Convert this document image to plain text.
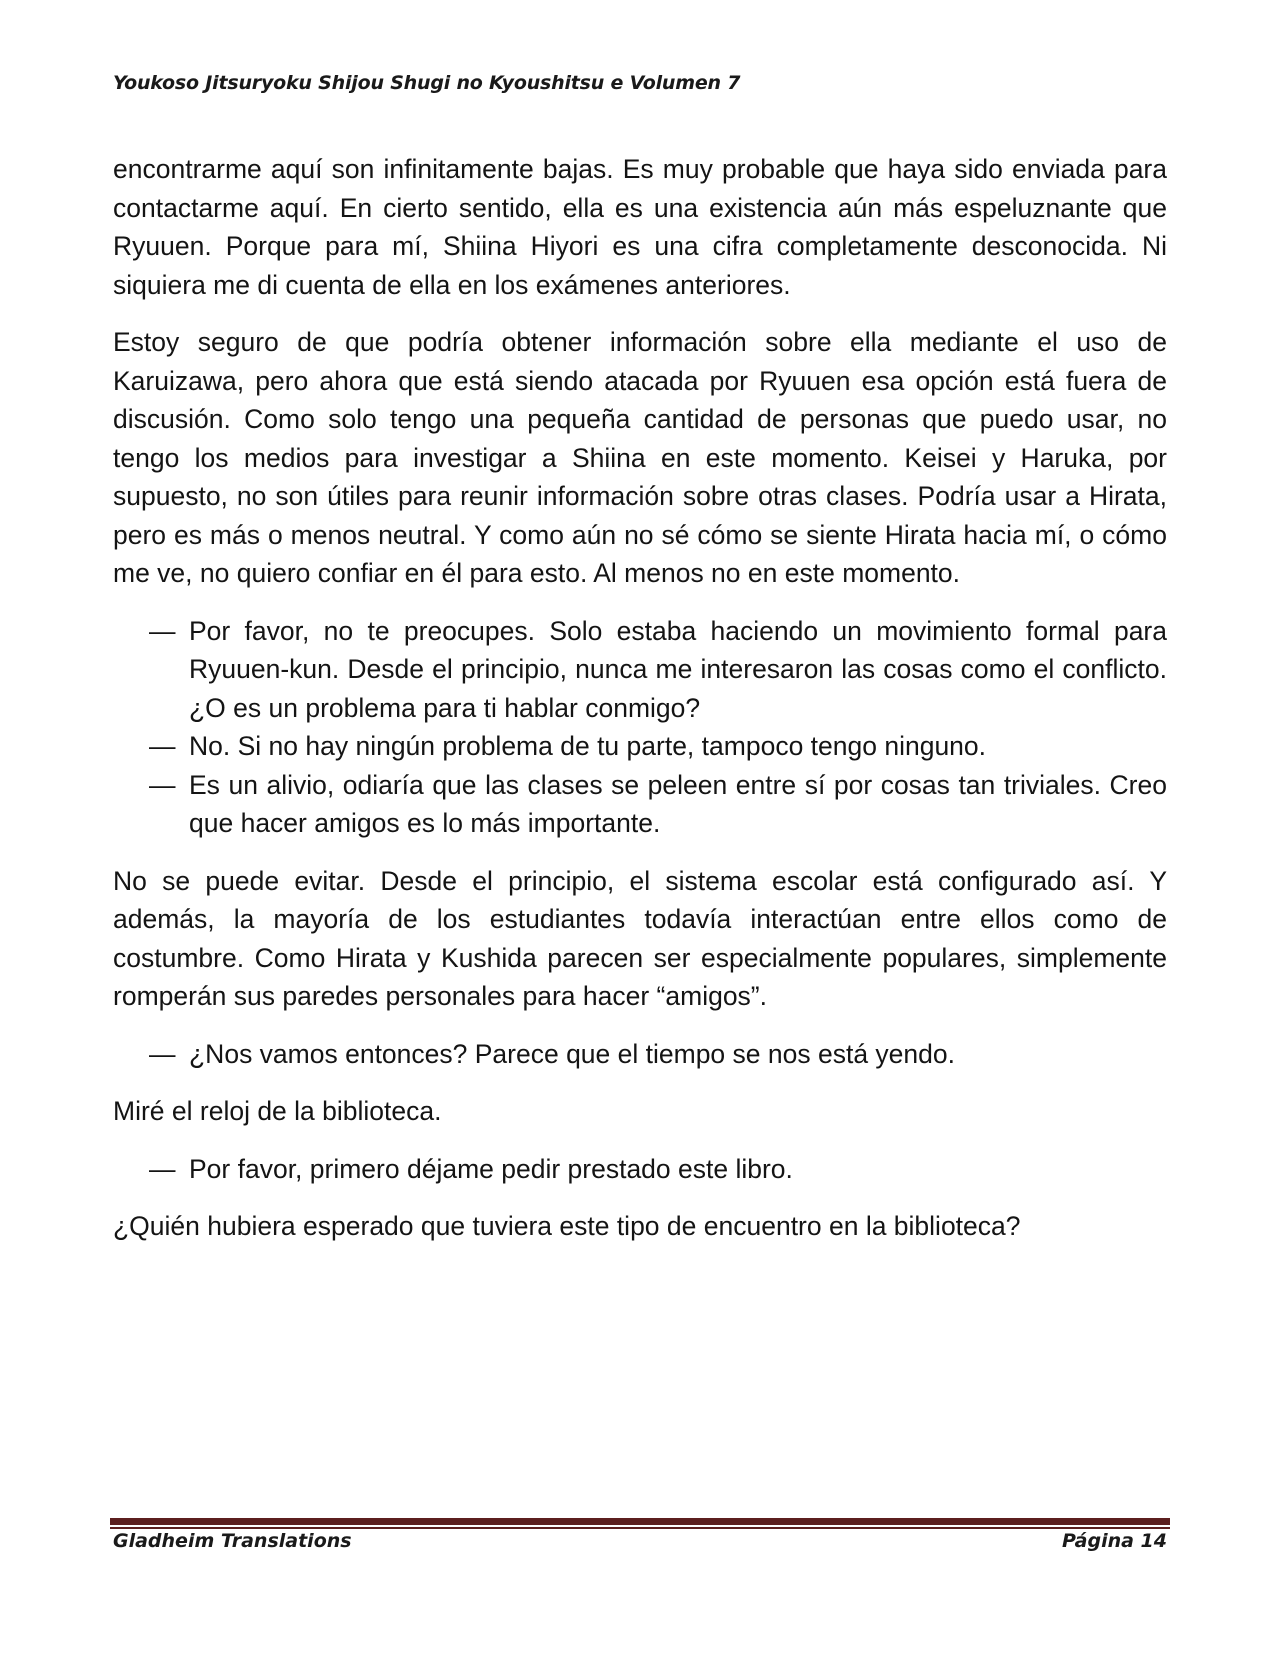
Youkoso Jitsuryoku Shijou Shugi no Kyoushitsu e Volumen 7

encontrarme aquí son infinitamente bajas. Es muy probable que haya sido enviada para contactarme aquí. En cierto sentido, ella es una existencia aún más espeluznante que Ryuuen. Porque para mí, Shiina Hiyori es una cifra completamente desconocida. Ni siquiera me di cuenta de ella en los exámenes anteriores.

Estoy seguro de que podría obtener información sobre ella mediante el uso de Karuizawa, pero ahora que está siendo atacada por Ryuuen esa opción está fuera de discusión. Como solo tengo una pequeña cantidad de personas que puedo usar, no tengo los medios para investigar a Shiina en este momento. Keisei y Haruka, por supuesto, no son útiles para reunir información sobre otras clases. Podría usar a Hirata, pero es más o menos neutral. Y como aún no sé cómo se siente Hirata hacia mí, o cómo me ve, no quiero confiar en él para esto. Al menos no en este momento.

— Por favor, no te preocupes. Solo estaba haciendo un movimiento formal para Ryuuen-kun. Desde el principio, nunca me interesaron las cosas como el conflicto. ¿O es un problema para ti hablar conmigo?

— No. Si no hay ningún problema de tu parte, tampoco tengo ninguno.

— Es un alivio, odiaría que las clases se peleen entre sí por cosas tan triviales. Creo que hacer amigos es lo más importante.

No se puede evitar. Desde el principio, el sistema escolar está configurado así. Y además, la mayoría de los estudiantes todavía interactúan entre ellos como de costumbre. Como Hirata y Kushida parecen ser especialmente populares, simplemente romperán sus paredes personales para hacer “amigos”.

— ¿Nos vamos entonces? Parece que el tiempo se nos está yendo.

Miré el reloj de la biblioteca.

— Por favor, primero déjame pedir prestado este libro.

¿Quién hubiera esperado que tuviera este tipo de encuentro en la biblioteca?

Gladheim Translations	Página 14
